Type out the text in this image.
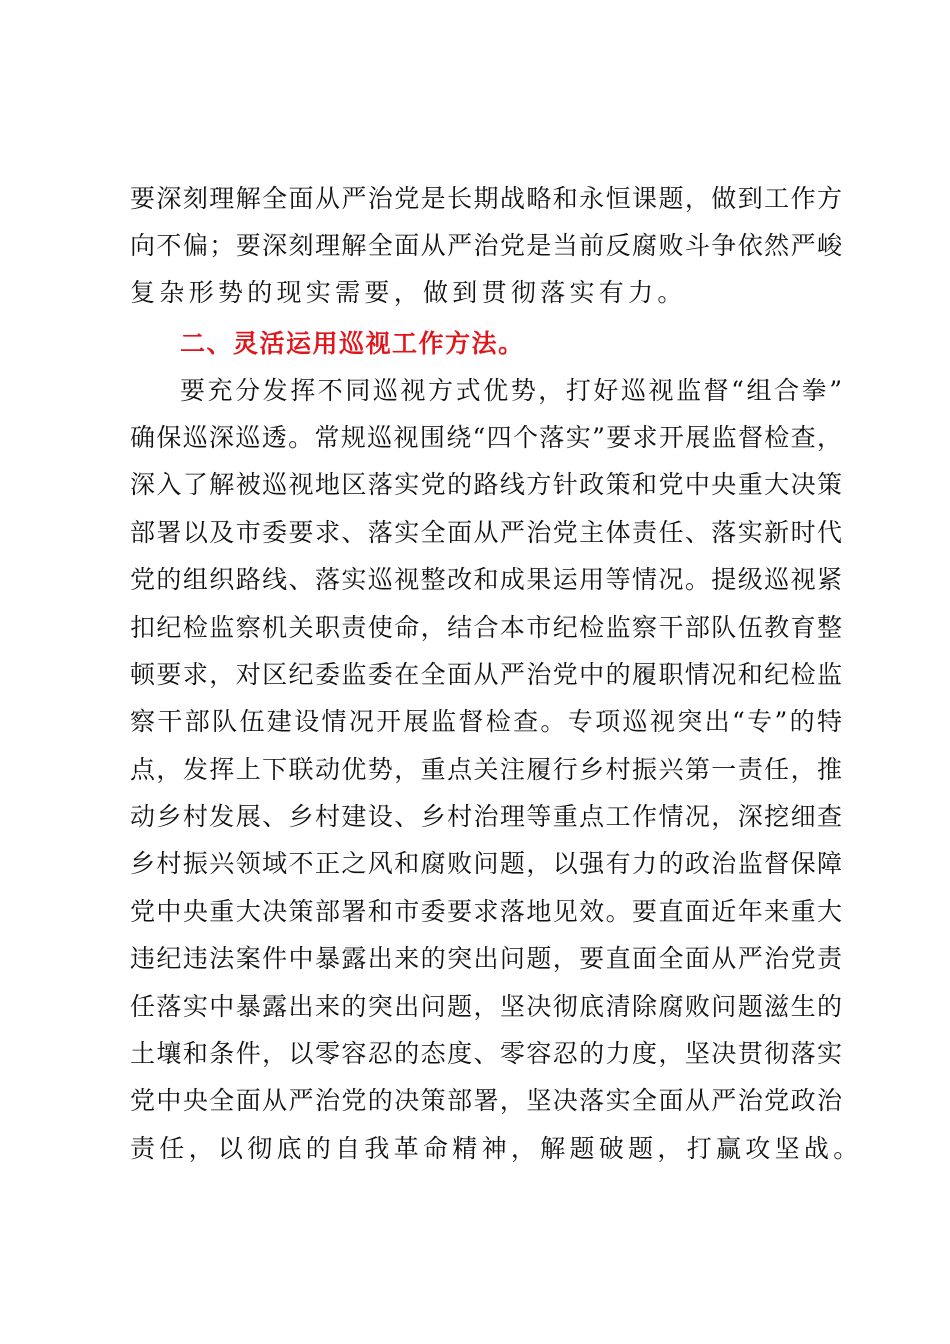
要深刻理解全面从严治党是长期战略和永恒课题，做到工作方
向不偏；要深刻理解全面从严治党是当前反腐败斗争依然严峻
复杂形势的现实需要，做到贯彻落实有力。
二、灵活运用巡视工作方法。
要充分发挥不同巡视方式优势，打好巡视监督“组合拳”
确保巡深巡透。常规巡视围绕“四个落实”要求开展监督检查，
深入了解被巡视地区落实党的路线方针政策和党中央重大决策
部署以及市委要求、落实全面从严治党主体责任、落实新时代
党的组织路线、落实巡视整改和成果运用等情况。提级巡视紧
扣纪检监察机关职责使命，结合本市纪检监察干部队伍教育整
顿要求，对区纪委监委在全面从严治党中的履职情况和纪检监
察干部队伍建设情况开展监督检查。专项巡视突出“专”的特
点，发挥上下联动优势，重点关注履行乡村振兴第一责任，推
动乡村发展、乡村建设、乡村治理等重点工作情况，深挖细查
乡村振兴领域不正之风和腐败问题，以强有力的政治监督保障
党中央重大决策部署和市委要求落地见效。要直面近年来重大
违纪违法案件中暴露出来的突出问题，要直面全面从严治党责
任落实中暴露出来的突出问题，坚决彻底清除腐败问题滋生的
土壤和条件，以零容忍的态度、零容忍的力度，坚决贯彻落实
党中央全面从严治党的决策部署，坚决落实全面从严治党政治
责任，以彻底的自我革命精神，解题破题，打赢攻坚战。
